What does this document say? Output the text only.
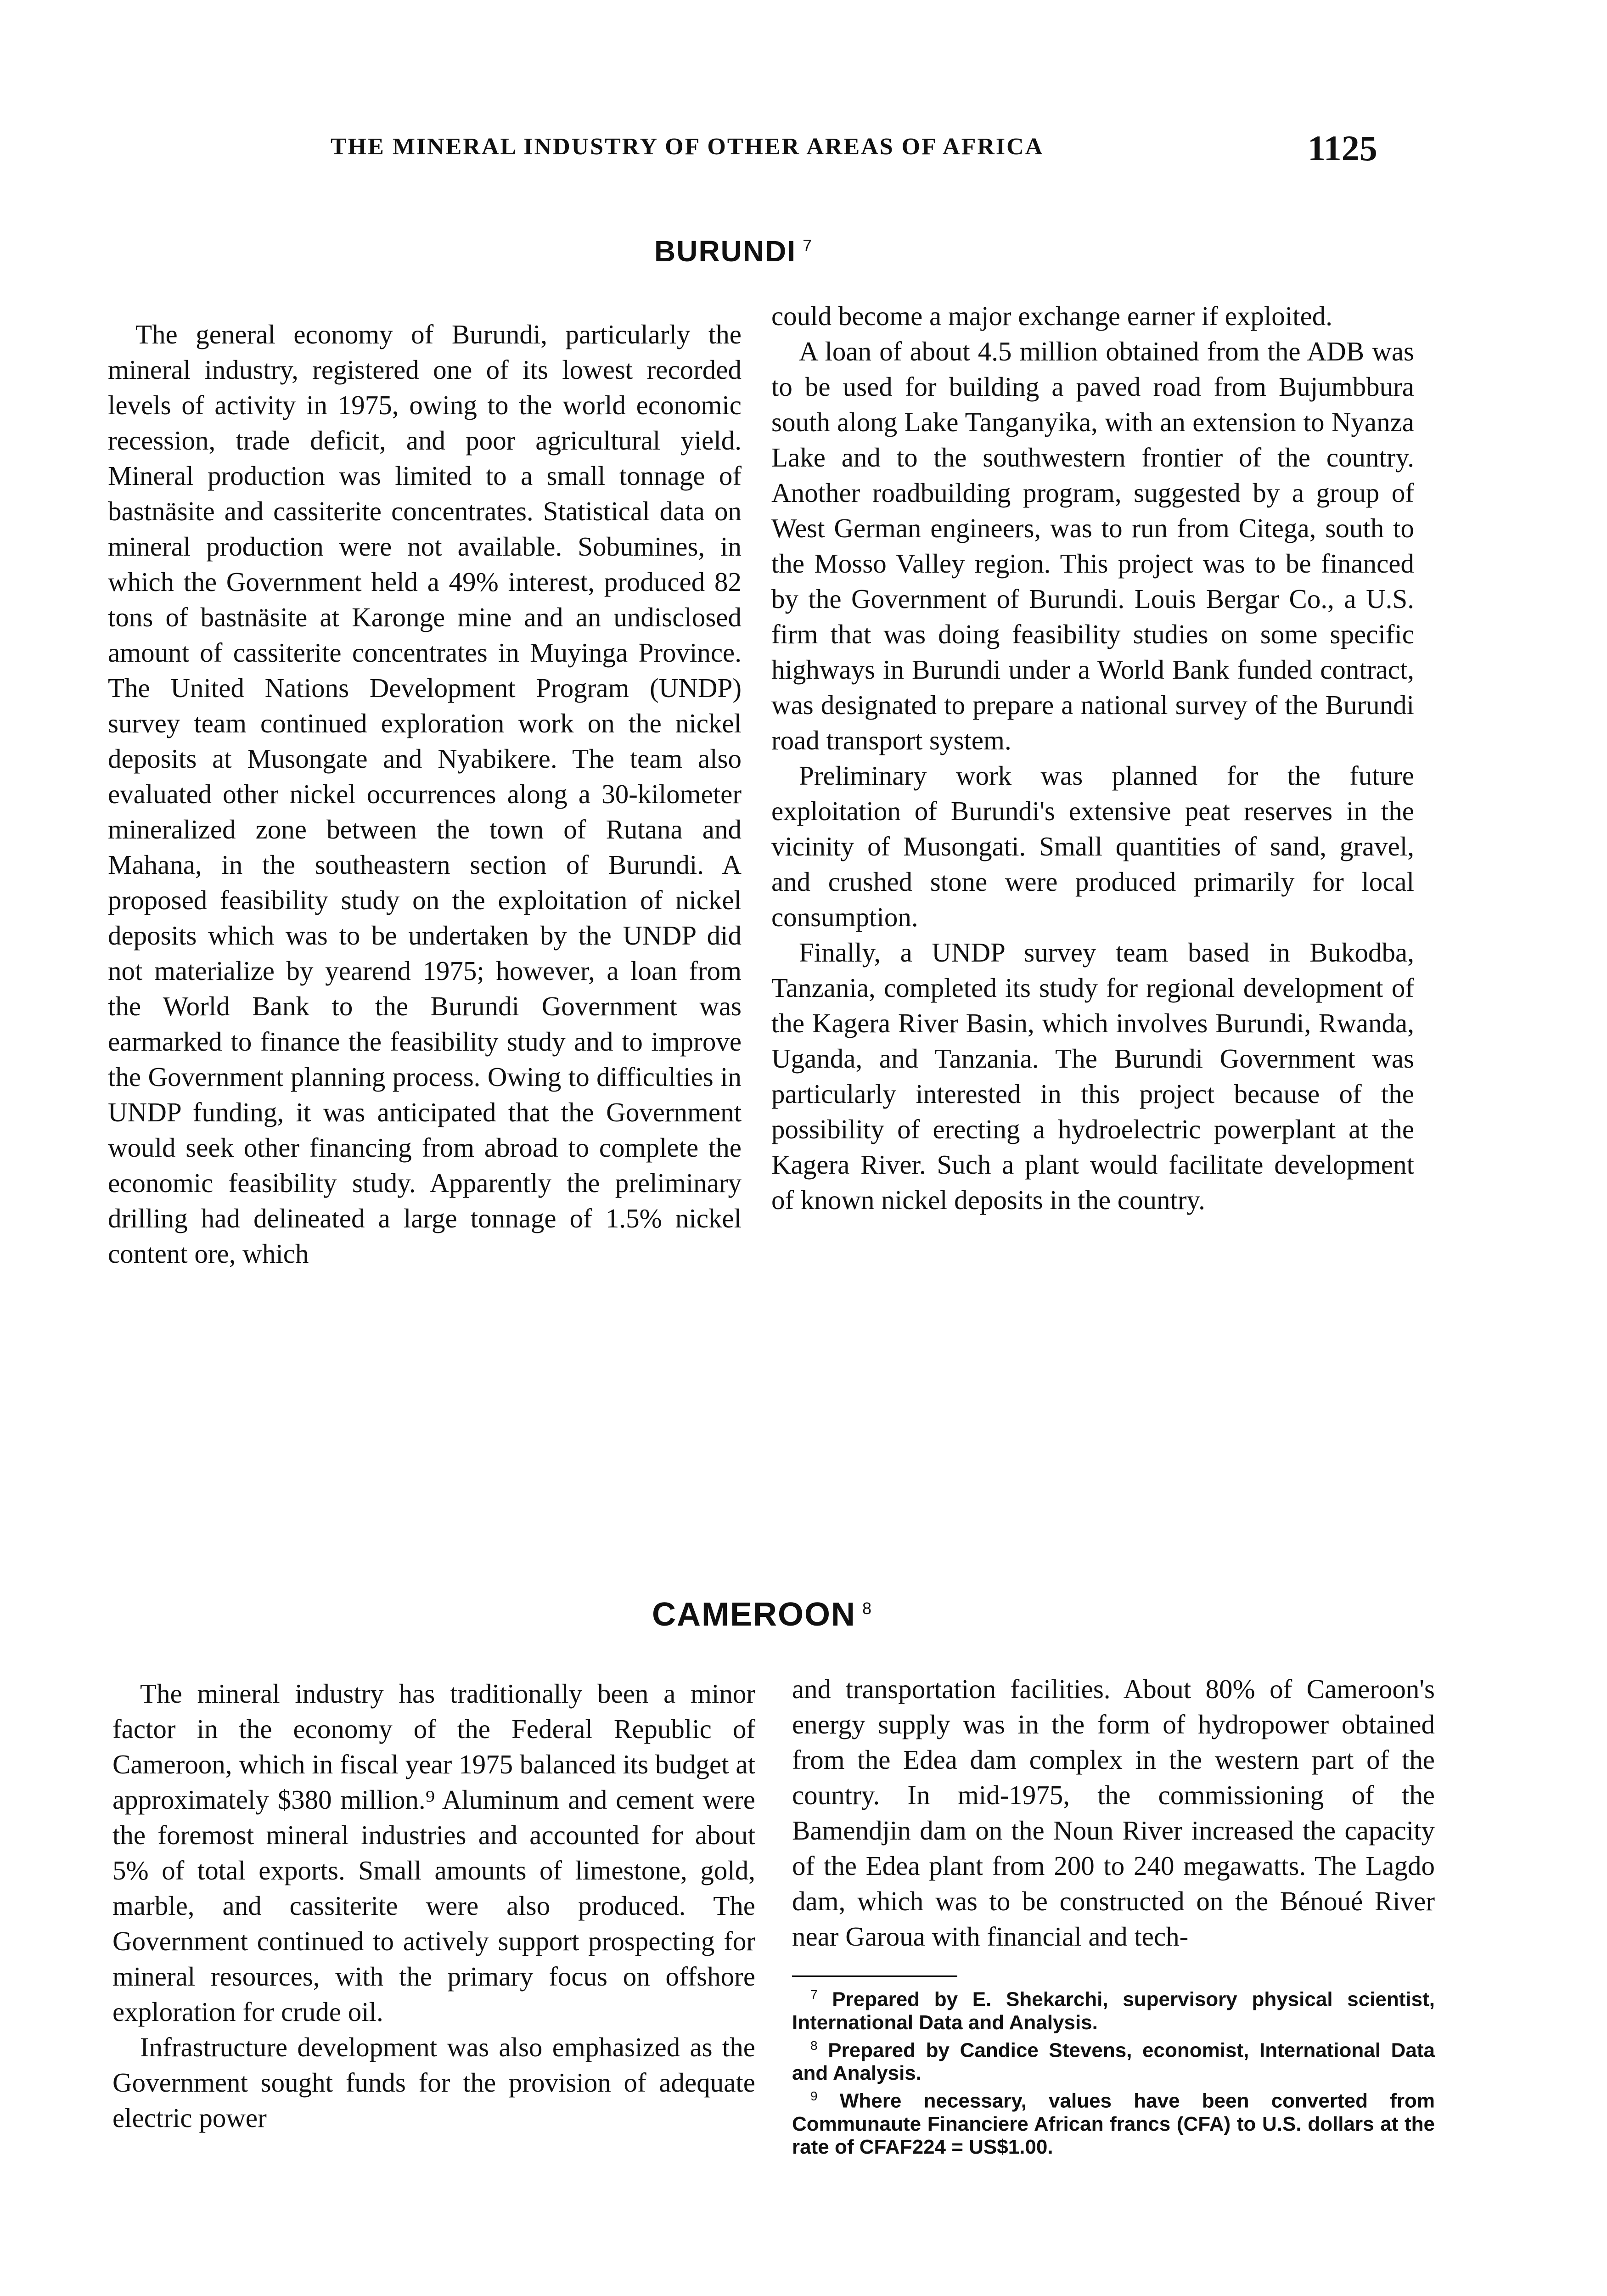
THE MINERAL INDUSTRY OF OTHER AREAS OF AFRICA	1125
BURUNDI $^7$

The general economy of Burundi, particularly the mineral industry, registered one of its lowest recorded levels of activity in 1975, owing to the world economic recession, trade deficit, and poor agricultural yield. Mineral production was limited to a small tonnage of bastnäsite and cassiterite concentrates. Statistical data on mineral production were not available. Sobumines, in which the Government held a 49% interest, produced 82 tons of bastnäsite at Karonge mine and an undisclosed amount of cassiterite concentrates in Muyinga Province. The United Nations Development Program (UNDP) survey team continued exploration work on the nickel deposits at Musongate and Nyabikere. The team also evaluated other nickel occurrences along a 30-kilometer mineralized zone between the town of Rutana and Mahana, in the southeastern section of Burundi. A proposed feasibility study on the exploitation of nickel deposits which was to be undertaken by the UNDP did not materialize by yearend 1975; however, a loan from the World Bank to the Burundi Government was earmarked to finance the feasibility study and to improve the Government planning process. Owing to difficulties in UNDP funding, it was anticipated that the Government would seek other financing from abroad to complete the economic feasibility study. Apparently the preliminary drilling had delineated a large tonnage of 1.5% nickel content ore, which

could become a major exchange earner if exploited.

A loan of about 4.5 million obtained from the ADB was to be used for building a paved road from Bujumbbura south along Lake Tanganyika, with an extension to Nyanza Lake and to the southwestern frontier of the country. Another roadbuilding program, suggested by a group of West German engineers, was to run from Citega, south to the Mosso Valley region. This project was to be financed by the Government of Burundi. Louis Bergar Co., a U.S. firm that was doing feasibility studies on some specific highways in Burundi under a World Bank funded contract, was designated to prepare a national survey of the Burundi road transport system.

Preliminary work was planned for the future exploitation of Burundi's extensive peat reserves in the vicinity of Musongati. Small quantities of sand, gravel, and crushed stone were produced primarily for local consumption.

Finally, a UNDP survey team based in Bukodba, Tanzania, completed its study for regional development of the Kagera River Basin, which involves Burundi, Rwanda, Uganda, and Tanzania. The Burundi Government was particularly interested in this project because of the possibility of erecting a hydroelectric powerplant at the Kagera River. Such a plant would facilitate development of known nickel deposits in the country.

CAMEROON $^8$

The mineral industry has traditionally been a minor factor in the economy of the Federal Republic of Cameroon, which in fiscal year 1975 balanced its budget at approximately $380 million.⁹ Aluminum and cement were the foremost mineral industries and accounted for about 5% of total exports. Small amounts of limestone, gold, marble, and cassiterite were also produced. The Government continued to actively support prospecting for mineral resources, with the primary focus on offshore exploration for crude oil.

Infrastructure development was also emphasized as the Government sought funds for the provision of adequate electric power

and transportation facilities. About 80% of Cameroon's energy supply was in the form of hydropower obtained from the Edea dam complex in the western part of the country. In mid-1975, the commissioning of the Bamendjin dam on the Noun River increased the capacity of the Edea plant from 200 to 240 megawatts. The Lagdo dam, which was to be constructed on the Bénoué River near Garoua with financial and tech-

$^7$ Prepared by E. Shekarchi, supervisory physical scientist, International Data and Analysis.

$^8$ Prepared by Candice Stevens, economist, International Data and Analysis.

$^9$ Where necessary, values have been converted from Communaute Financiere African francs (CFA) to U.S. dollars at the rate of CFAF224 = US$1.00.
